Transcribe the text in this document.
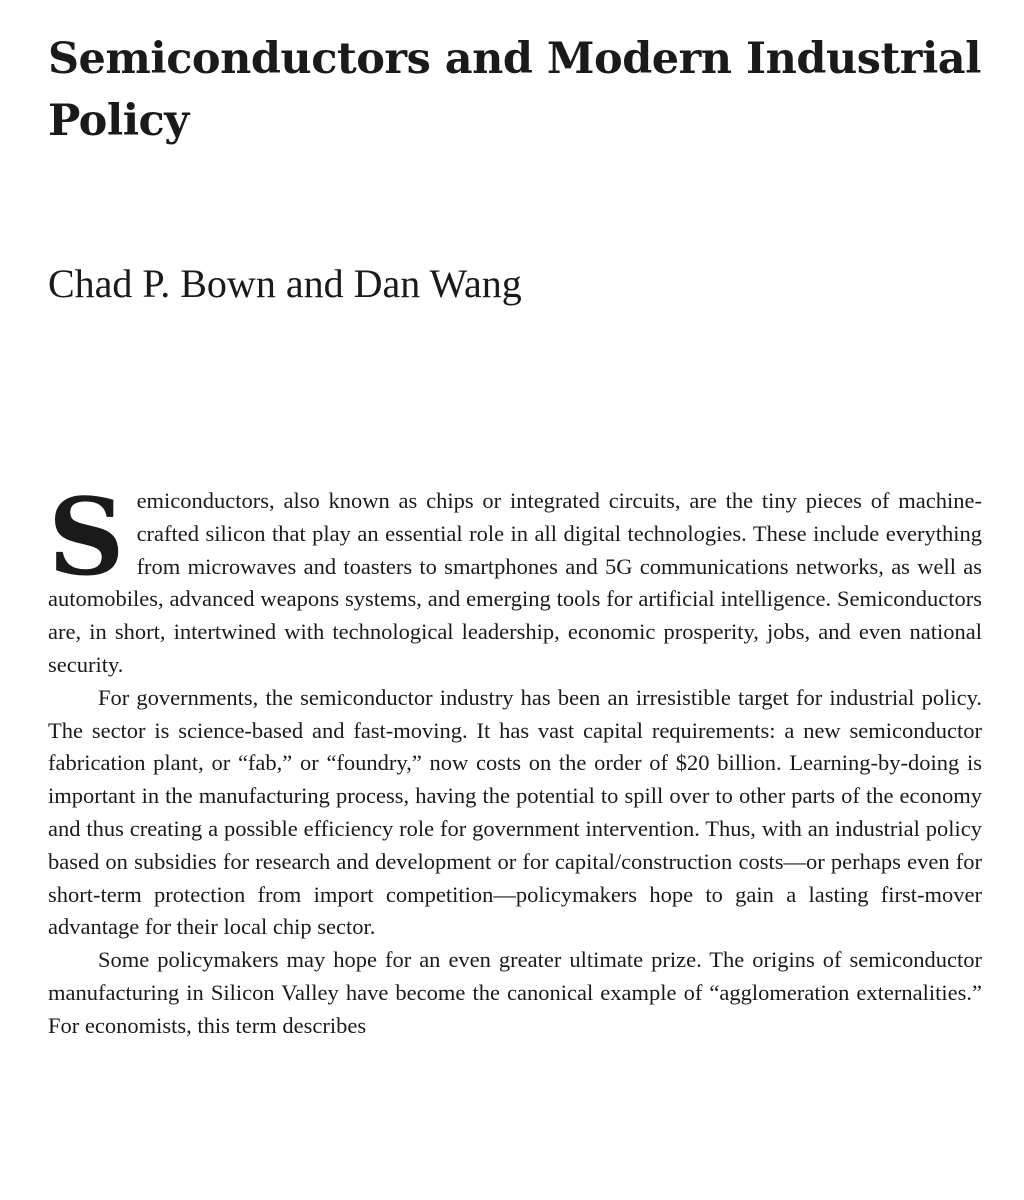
Semiconductors and Modern Industrial Policy
Chad P. Bown and Dan Wang

Semiconductors, also known as chips or integrated circuits, are the tiny pieces of machine-crafted silicon that play an essential role in all digital technologies. These include everything from microwaves and toasters to smartphones and 5G communications networks, as well as automobiles, advanced weapons systems, and emerging tools for artificial intelligence. Semiconductors are, in short, intertwined with technological leadership, economic prosperity, jobs, and even national security.

For governments, the semiconductor industry has been an irresistible target for industrial policy. The sector is science-based and fast-moving. It has vast capital requirements: a new semiconductor fabrication plant, or “fab,” or “foundry,” now costs on the order of $20 billion. Learning-by-doing is important in the manufacturing process, having the potential to spill over to other parts of the economy and thus creating a possible efficiency role for government intervention. Thus, with an industrial policy based on subsidies for research and development or for capital/construction costs—or perhaps even for short-term protection from import competition—policymakers hope to gain a lasting first-mover advantage for their local chip sector.

Some policymakers may hope for an even greater ultimate prize. The origins of semiconductor manufacturing in Silicon Valley have become the canonical example of “agglomeration externalities.” For economists, this term describes
